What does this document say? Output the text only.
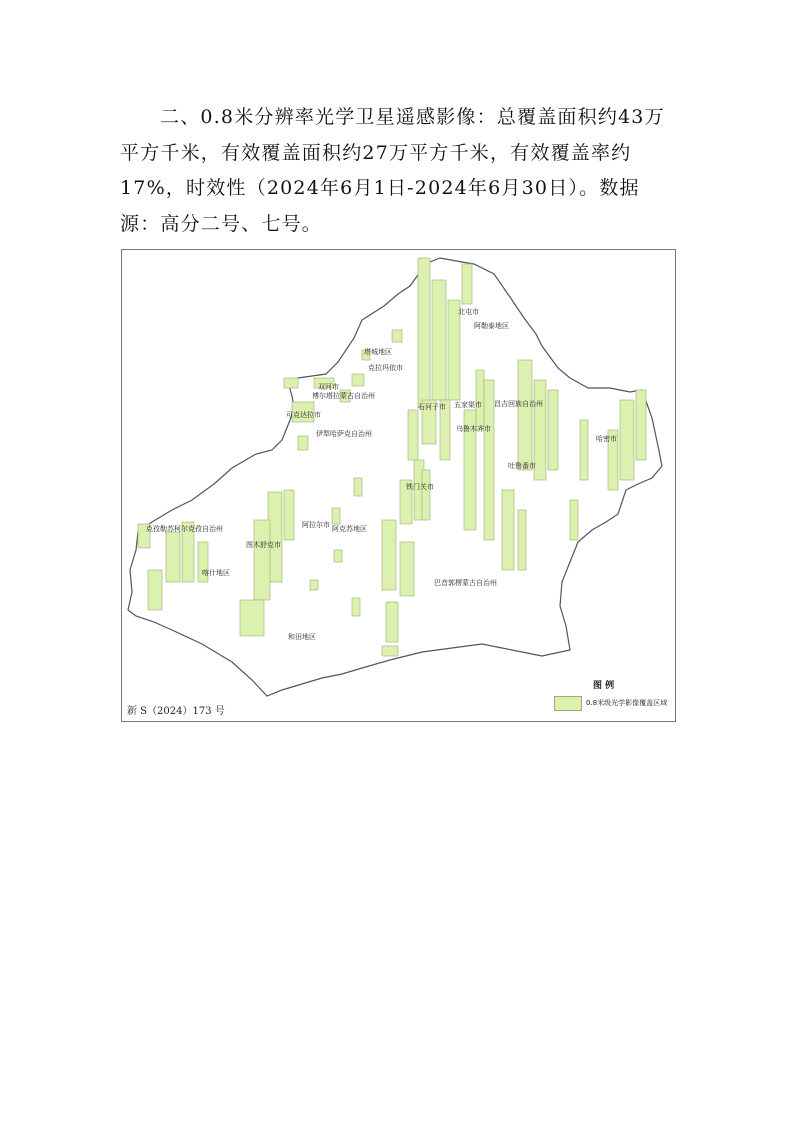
二、0.8米分辨率光学卫星遥感影像：总覆盖面积约43万平方千米，有效覆盖面积约27万平方千米，有效覆盖率约17%，时效性（2024年6月1日-2024年6月30日）。数据源：高分二号、七号。

北屯市
阿勒泰地区
塔城地区
克拉玛依市
双河市
博尔塔拉蒙古自治州
可克达拉市
伊犁哈萨克自治州
石河子市 五家渠市 昌吉回族自治州
乌鲁木齐市
哈密市
吐鲁番市
铁门关市
阿拉尔市 阿克苏地区
克孜勒苏柯尔克孜自治州
图木舒克市
喀什地区
巴音郭楞蒙古自治州
和田地区
图 例
0.8米级光学影像覆盖区域
新 S（2024）173 号
